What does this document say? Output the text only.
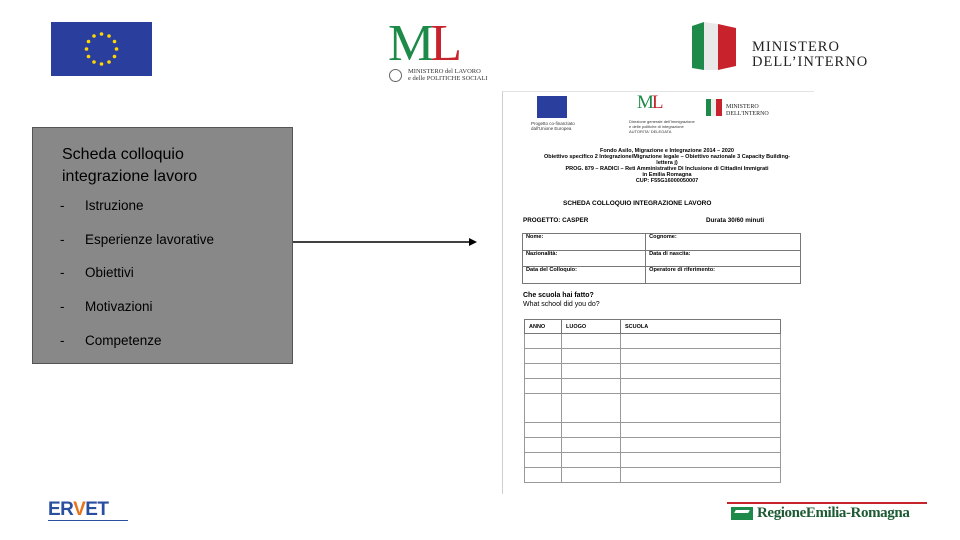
ML
MINISTERO del LAVORO
e delle POLITICHE SOCIALI
MINISTERO
DELL’INTERNO
Scheda colloquio
integrazione lavoro
- Istruzione
- Esperienze lavorative
- Obiettivi
- Motivazioni
- Competenze
Progetto co-finanziato
dall'Unione Europea
ML
Direzione generale dell'Immigrazione
e delle politiche di integrazione
AUTORITA' DELEGATA
MINISTERO
DELL'INTERNO
Fondo Asilo, Migrazione e Integrazione 2014 – 2020
Obiettivo specifico 2 Integrazione/Migrazione legale – Obiettivo nazionale 3 Capacity Building-
lettera j)
PROG. 879 – RADICI – Reti Amministrative Di Inclusione di Cittadini Immigrati
in Emilia Romagna
CUP: F55G16000050007
SCHEDA COLLOQUIO INTEGRAZIONE LAVORO
PROGETTO: CASPER	Durata 30/60 minuti
Nome:	Cognome:
Nazionalità:	Data di nascita:
Data del Colloquio:	Operatore di riferimento:
Che scuola hai fatto?
What school did you do?
ANNO	LUOGO	SCUOLA

ERVET	RegioneEmilia-Romagna
